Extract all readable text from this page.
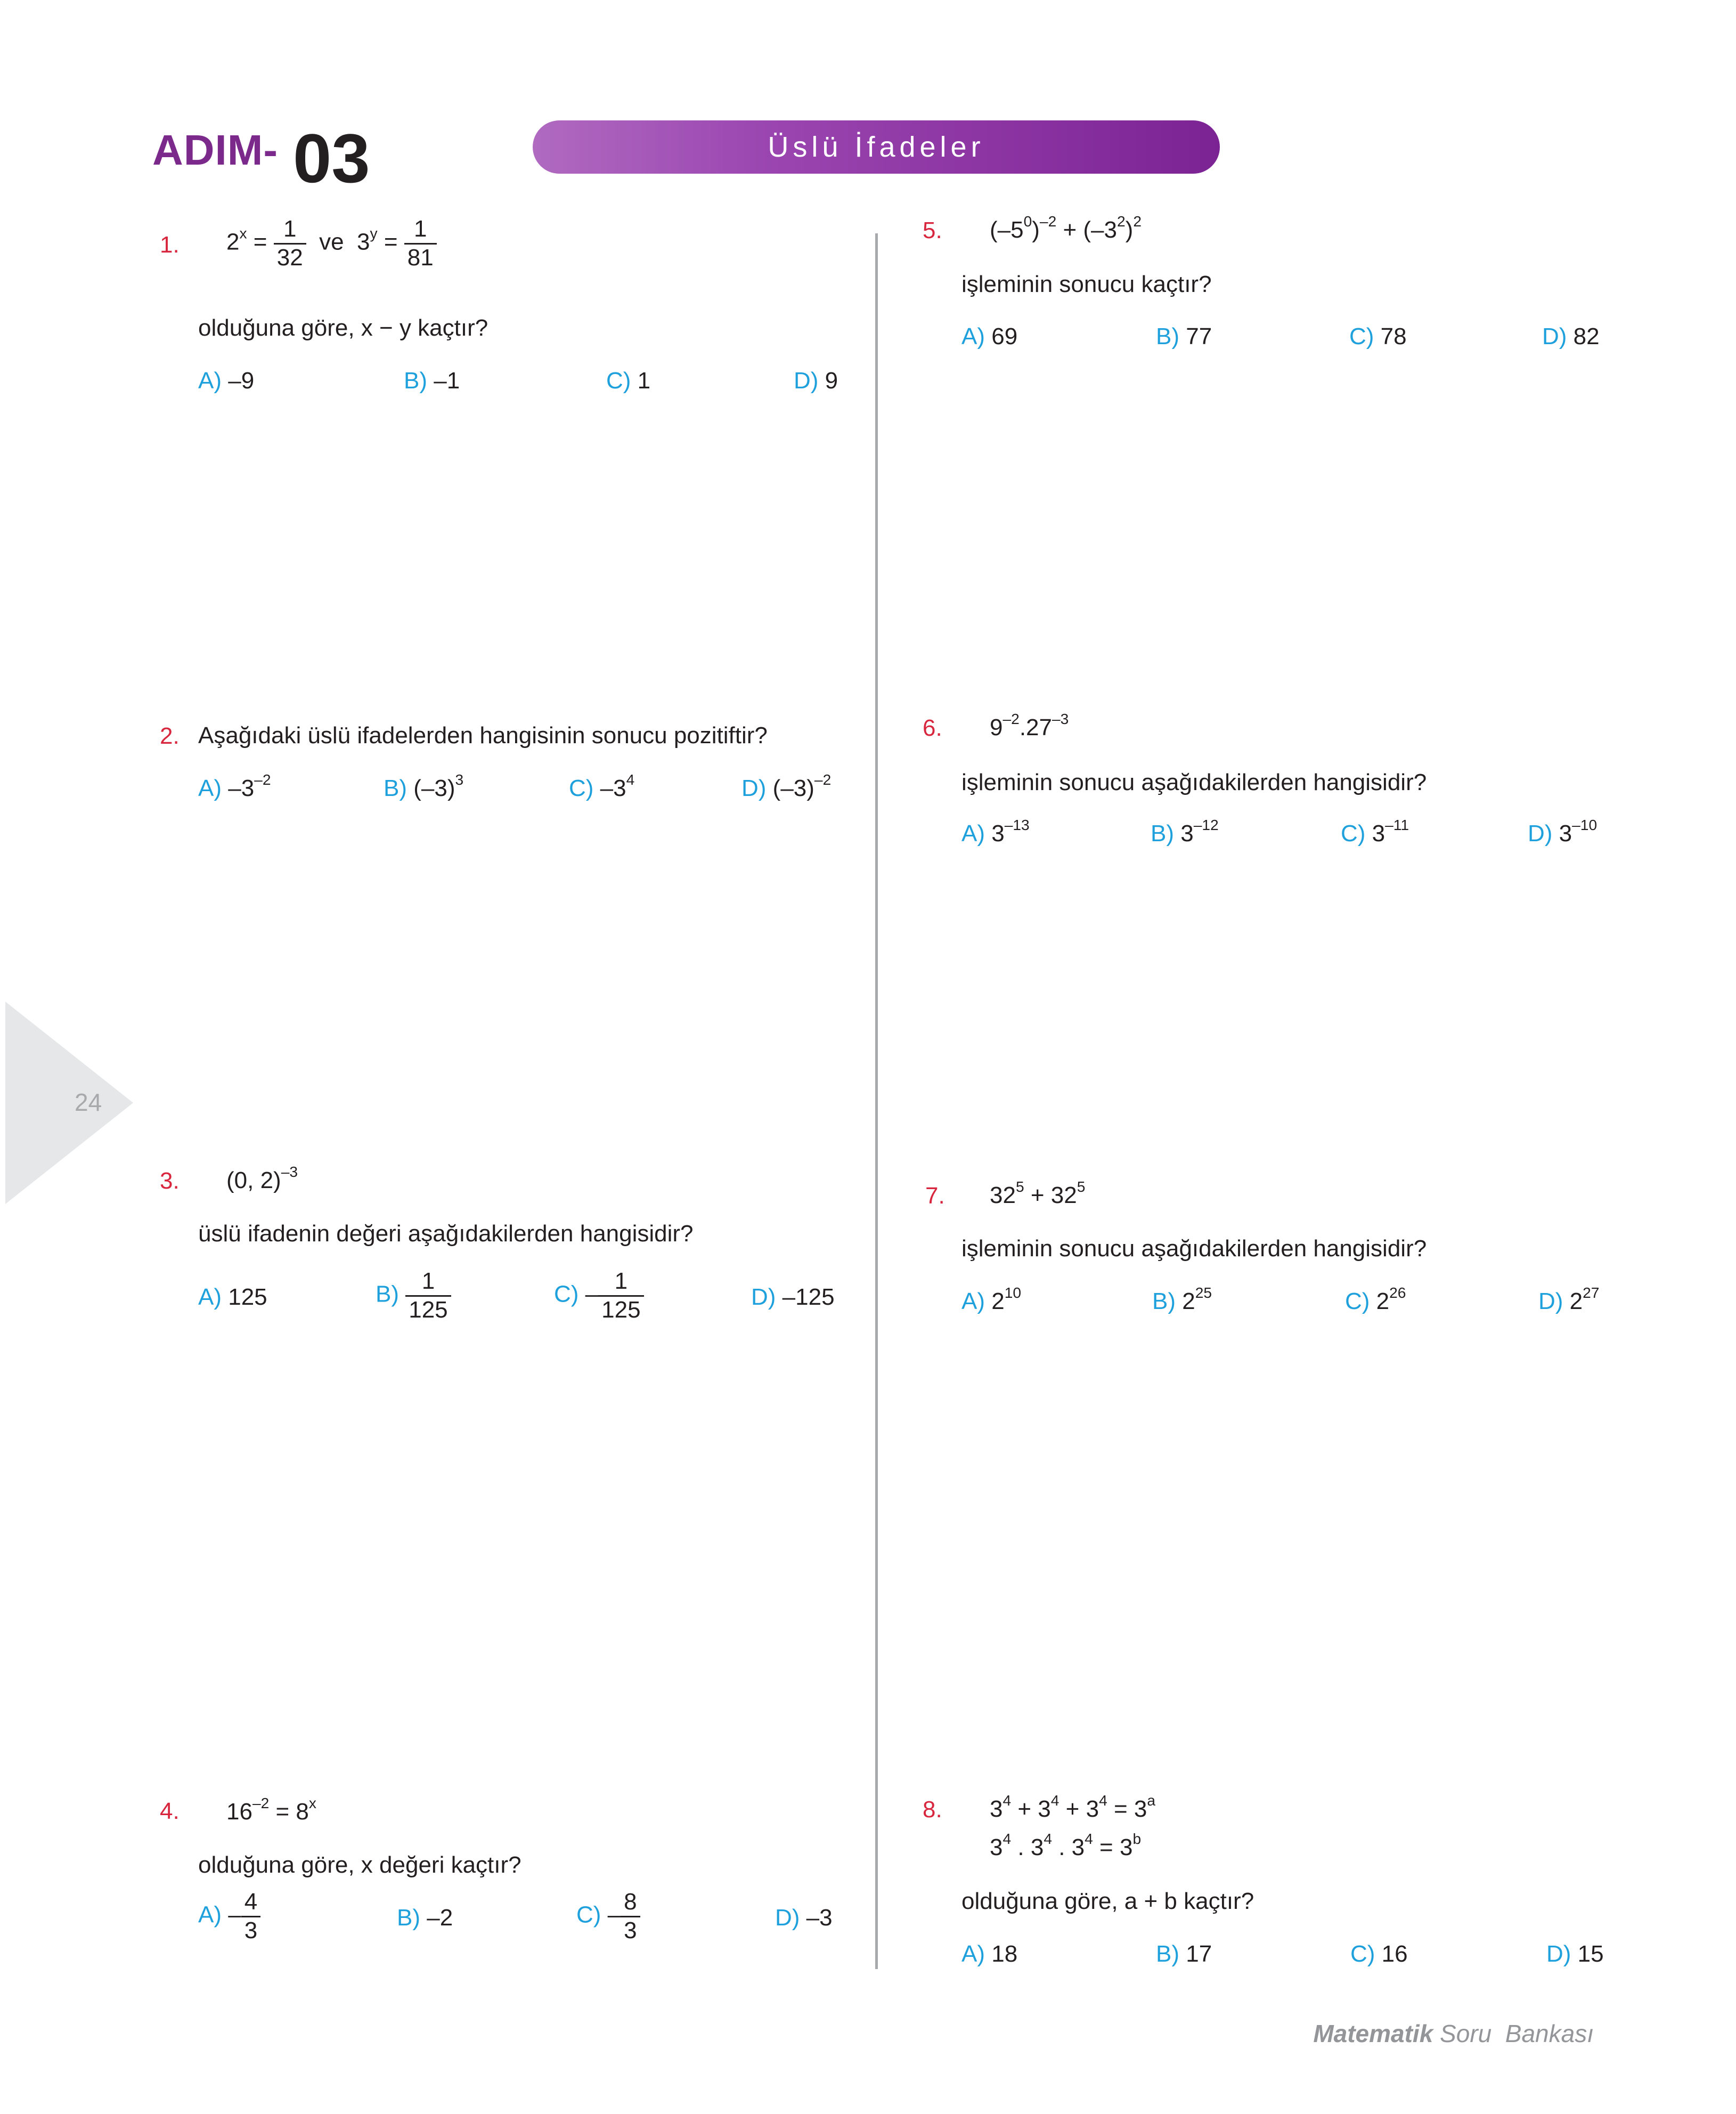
ADIM- 03	Üslü İfadeler
24
1. $2^x = \frac{1}{32}$ ve  $3^y = \frac{1}{81}$
olduğuna göre, x − y kaçtır?
A) –9	B) –1	C) 1	D) 9
2. Aşağıdaki üslü ifadelerden hangisinin sonucu pozitiftir?
A) $-3^{-2}$	B) $(-3)^3$	C) $-3^4$	D) $(-3)^{-2}$
3. (0, 2)$^{-3}$
üslü ifadenin değeri aşağıdakilerden hangisidir?
A) 125	$B) \frac{1}{125}$	$C) - \frac{1}{125}$	D) –125
4. $16^{-2} = 8^x$
olduğuna göre, x değeri kaçtır?
$A) - \frac{4}{3}$	B) –2	$C) - \frac{8}{3}$	D) –3
5. $(-5^0)^{-2} + (-3^2)^2$
işleminin sonucu kaçtır?
A) 69	B) 77	C) 78	D) 82
6. $9^{-2}.27^{-3}$
işleminin sonucu aşağıdakilerden hangisidir?
A) $3^{-13}$	B) $3^{-12}$	C) $3^{-11}$	D) $3^{-10}$
7. $32^5 + 32^5$
işleminin sonucu aşağıdakilerden hangisidir?
A) $2^{10}$	B) $2^{25}$	C) $2^{26}$	D) $2^{27}$
8. $3^4 + 3^4 + 3^4 = 3^a$
$3^4$ . $3^4$ . $3^4 = 3^b$
olduğuna göre, a + b kaçtır?
A) 18	B) 17	C) 16	D) 15
Matematik Soru  Bankası
